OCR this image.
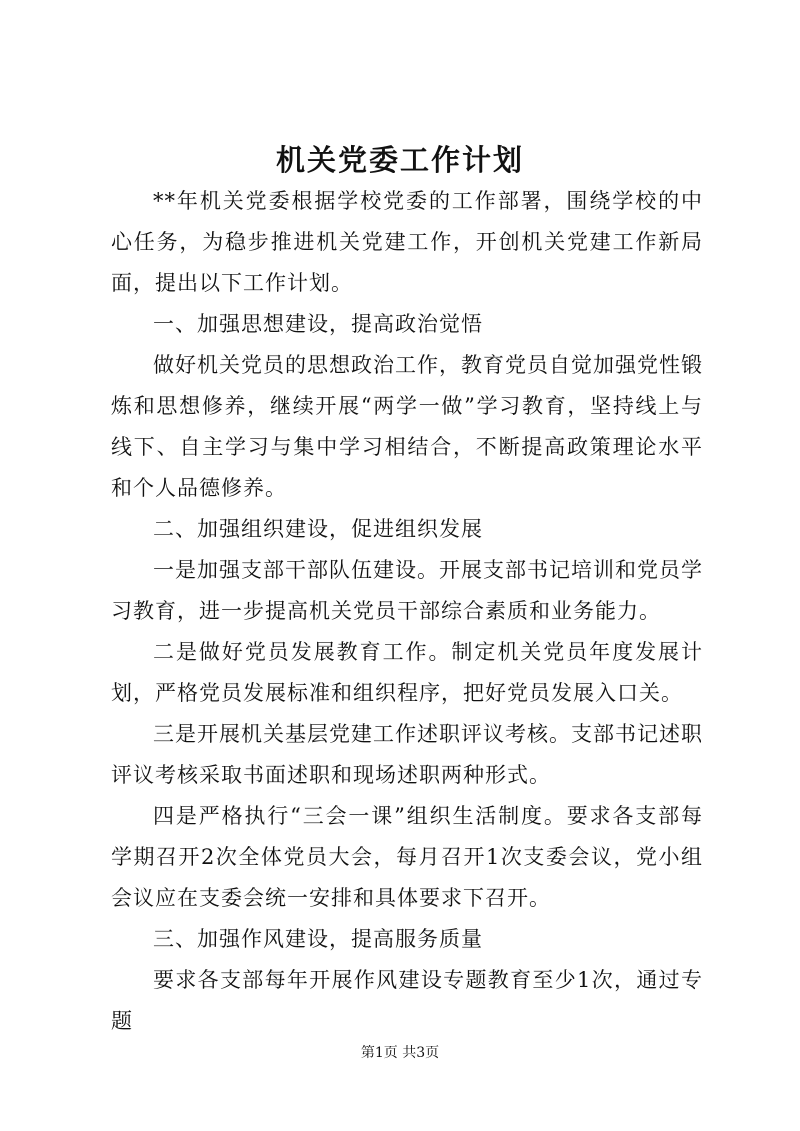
机关党委工作计划

**年机关党委根据学校党委的工作部署，围绕学校的中心任务，为稳步推进机关党建工作，开创机关党建工作新局面，提出以下工作计划。

一、加强思想建设，提高政治觉悟

做好机关党员的思想政治工作，教育党员自觉加强党性锻炼和思想修养，继续开展“两学一做”学习教育，坚持线上与线下、自主学习与集中学习相结合，不断提高政策理论水平和个人品德修养。

二、加强组织建设，促进组织发展

一是加强支部干部队伍建设。开展支部书记培训和党员学习教育，进一步提高机关党员干部综合素质和业务能力。

二是做好党员发展教育工作。制定机关党员年度发展计划，严格党员发展标准和组织程序，把好党员发展入口关。

三是开展机关基层党建工作述职评议考核。支部书记述职评议考核采取书面述职和现场述职两种形式。

四是严格执行“三会一课”组织生活制度。要求各支部每学期召开2次全体党员大会，每月召开1次支委会议，党小组会议应在支委会统一安排和具体要求下召开。

三、加强作风建设，提高服务质量

要求各支部每年开展作风建设专题教育至少1次，通过专题

第1页 共3页
